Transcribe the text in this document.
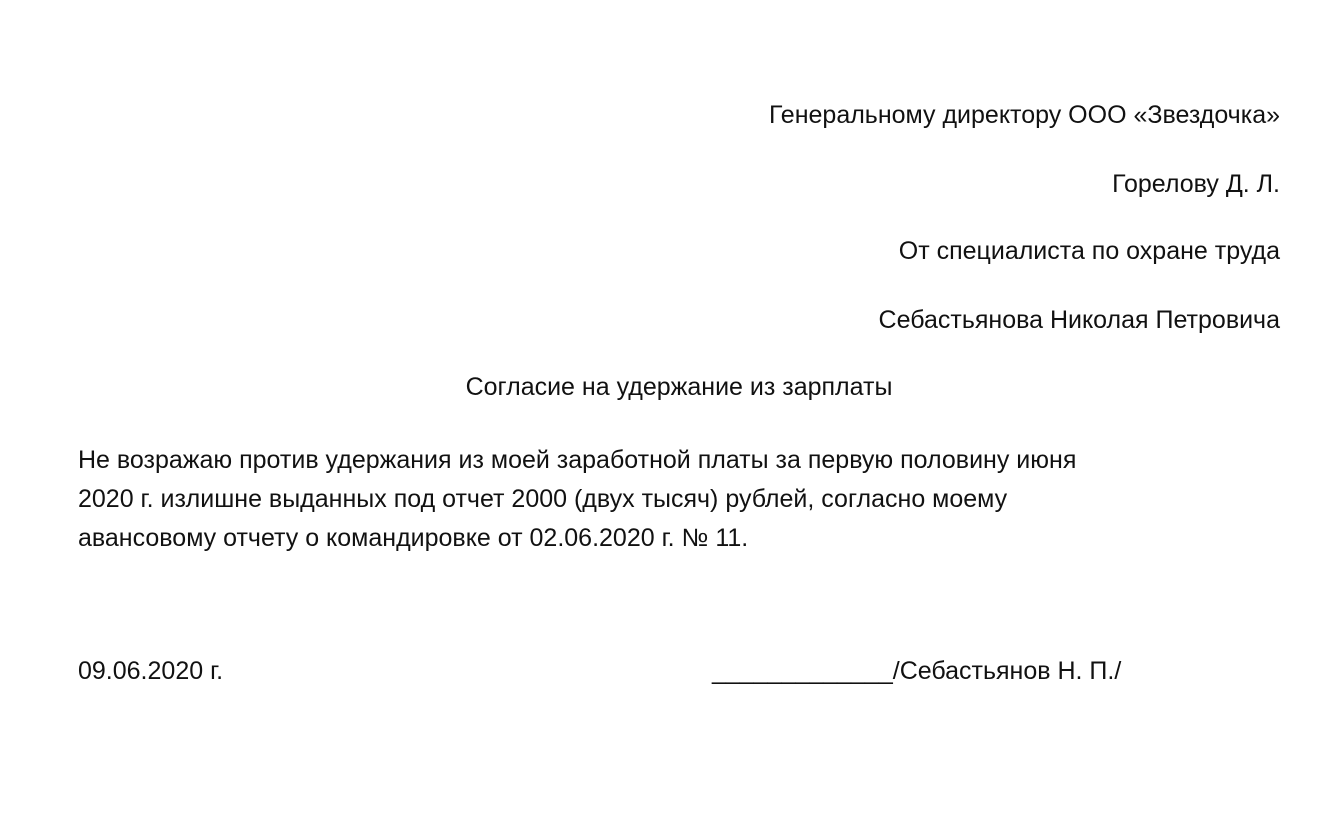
Генеральному директору ООО «Звездочка»
Горелову Д. Л.
От специалиста по охране труда
Себастьянова Николая Петровича
Согласие на удержание из зарплаты
Не возражаю против удержания из моей заработной платы за первую половину июня
2020 г. излишне выданных под отчет 2000 (двух тысяч) рублей, согласно моему
авансовому отчету о командировке от 02.06.2020 г. № 11.
09.06.2020 г.	_____________/Себастьянов Н. П./
